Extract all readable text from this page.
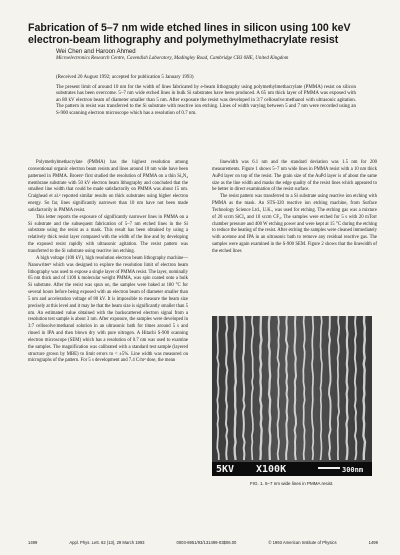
Fabrication of 5–7 nm wide etched lines in silicon using 100 keV electron-beam lithography and polymethylmethacrylate resist
Wei Chen and Haroon Ahmed
Microelectronics Research Centre, Cavendish Laboratory, Madingley Road, Cambridge CB3 0HE, United Kingdom
(Received 20 August 1992; accepted for publication 5 January 1993)
The present limit of around 10 nm for the width of lines fabricated by e-beam lithography using polymethylmethacrylate (PMMA) resist on silicon substrates has been overcome. 5–7 nm wide etched lines in bulk Si substrates have been produced. A 65 nm thick layer of PMMA was exposed with an 80 kV electron beam of diameter smaller than 5 nm. After exposure the resist was developed in 3:7 cellosolve:methanol with ultrasonic agitation. The pattern in resist was transferred to the Si substrate with reactive ion etching. Lines of width varying between 5 and 7 nm were recorded using an S-900 scanning electron microscope which has a resolution of 0.7 nm.

Polymethylmethacrylate (PMMA) has the highest resolution among conventional organic electron beam resists and lines around 10 nm wide have been patterned in PMMA. Broers¹ first studied the resolution of PMMA on a thin Si₃N₄ membrane substrate with 50 kV electron beam lithography and concluded that the smallest line width that could be made satisfactorily on PMMA was about 15 nm. Craighead et al.² reported similar results on thick substrates using higher electron energy. So far, lines significantly narrower than 10 nm have not been made satisfactorily in PMMA resist.

This letter reports the exposure of significantly narrower lines in PMMA on a Si substrate and the subsequent fabrication of 5–7 nm etched lines in the Si substrate using the resist as a mask. This result has been obtained by using a relatively thick resist layer compared with the width of the line and by developing the exposed resist rapidly with ultrasonic agitation. The resist pattern was transferred to the Si substrate using reactive ion etching.

A high voltage (100 kV), high resolution electron beam lithography machine—Nanowriter³ which was designed to explore the resolution limit of electron beam lithography was used to expose a single layer of PMMA resist. The layer, nominally 65 nm thick and of 1100 k molecular weight PMMA, was spin coated onto a bulk Si substrate. After the resist was spun on, the samples were baked at 180 °C for several hours before being exposed with an electron beam of diameter smaller than 5 nm and acceleration voltage of 80 kV. It is impossible to measure the beam size precisely at this level and it may be that the beam size is significantly smaller than 5 nm. An estimated value obtained with the backscattered electron signal from a resolution test sample is about 3 nm. After exposure, the samples were developed in 3:7 cellosolve:methanol solution in an ultrasonic bath for times around 5 s and rinsed in IPA and then blown dry with pure nitrogen. A Hitachi S-900 scanning electron microscope (SEM) which has a resolution of 0.7 nm was used to examine the samples. The magnification was calibrated with a standard test sample (layered structure grown by MBE) to limit errors to < ±5%. Line width was measured on micrographs of the pattern. For 5 s development and 7.4 C/m² dose, the mean

linewidth was 6.1 nm and the standard deviation was 1.5 nm for 200 measurements. Figure 1 shows 5–7 nm wide lines in PMMA resist with a 10 nm thick AuPd layer on top of the resist. The grain size of the AuPd layer is of about the same size as the line width and masks the edge quality of the resist lines which appeared to be better in direct examination of the resist surface.

The resist pattern was transferred to a Si substrate using reactive ion etching with PMMA as the mask. An STS-320 reactive ion etching machine, from Surface Technology Science Ltd., U.K., was used for etching. The etching gas was a mixture of 20 sccm SiCl₄ and 10 sccm CF₄. The samples were etched for 5 s with 20 mTorr chamber pressure and 400 W etching power and were kept at 15 °C during the etching to reduce the heating of the resist. After etching the samples were cleaned immediately with acetone and IPA in an ultrasonic bath to remove any residual reactive gas. The samples were again examined in the S-900 SEM. Figure 2 shows that the linewidth of the etched lines

5KV X100K	300nm
FIG. 1. 5–7 nm wide lines in PMMA resist.
1499	Appl. Phys. Lett. 62 (13), 29 March 1993	0003-6951/93/131499-03$06.00	© 1993 American Institute of Physics	1499
